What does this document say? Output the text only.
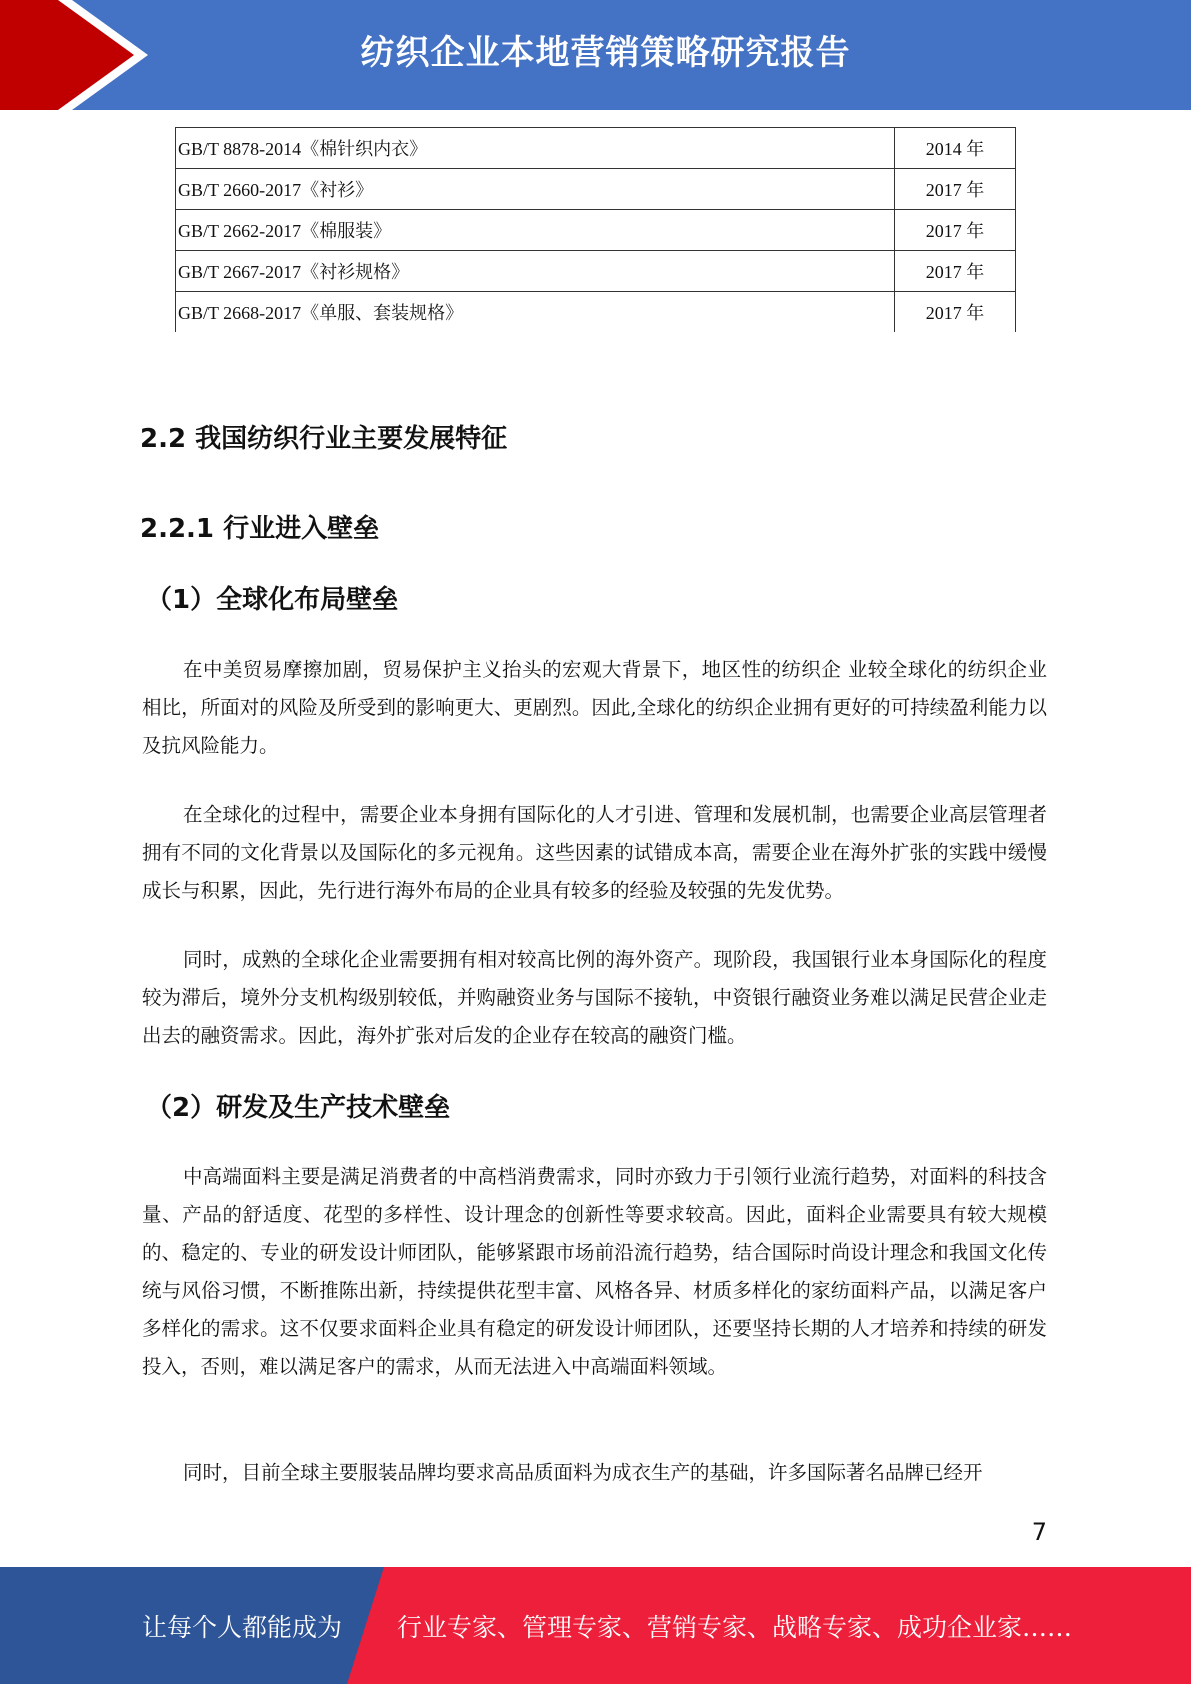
纺织企业本地营销策略研究报告
GB/T 8878-2014《棉针织内衣》	2014 年
GB/T 2660-2017《衬衫》	2017 年
GB/T 2662-2017《棉服装》	2017 年
GB/T 2667-2017《衬衫规格》	2017 年
GB/T 2668-2017《单服、套装规格》	2017 年
2.2 我国纺织行业主要发展特征
2.2.1 行业进入壁垒
（1）全球化布局壁垒

在中美贸易摩擦加剧，贸易保护主义抬头的宏观大背景下，地区性的纺织企 业较全球化的纺织企业相比，所面对的风险及所受到的影响更大、更剧烈。因此,全球化的纺织企业拥有更好的可持续盈利能力以及抗风险能力。

在全球化的过程中，需要企业本身拥有国际化的人才引进、管理和发展机制，也需要企业高层管理者拥有不同的文化背景以及国际化的多元视角。这些因素的试错成本高，需要企业在海外扩张的实践中缓慢成长与积累，因此，先行进行海外布局的企业具有较多的经验及较强的先发优势。

同时，成熟的全球化企业需要拥有相对较高比例的海外资产。现阶段，我国银行业本身国际化的程度较为滞后，境外分支机构级别较低，并购融资业务与国际不接轨，中资银行融资业务难以满足民营企业走出去的融资需求。因此，海外扩张对后发的企业存在较高的融资门槛。

（2）研发及生产技术壁垒

中高端面料主要是满足消费者的中高档消费需求，同时亦致力于引领行业流行趋势，对面料的科技含量、产品的舒适度、花型的多样性、设计理念的创新性等要求较高。因此，面料企业需要具有较大规模的、稳定的、专业的研发设计师团队，能够紧跟市场前沿流行趋势，结合国际时尚设计理念和我国文化传统与风俗习惯，不断推陈出新，持续提供花型丰富、风格各异、材质多样化的家纺面料产品，以满足客户多样化的需求。这不仅要求面料企业具有稳定的研发设计师团队，还要坚持长期的人才培养和持续的研发投入，否则，难以满足客户的需求，从而无法进入中高端面料领域。

同时，目前全球主要服装品牌均要求高品质面料为成衣生产的基础，许多国际著名品牌已经开

7
让每个人都能成为 行业专家、管理专家、营销专家、战略专家、成功企业家……
